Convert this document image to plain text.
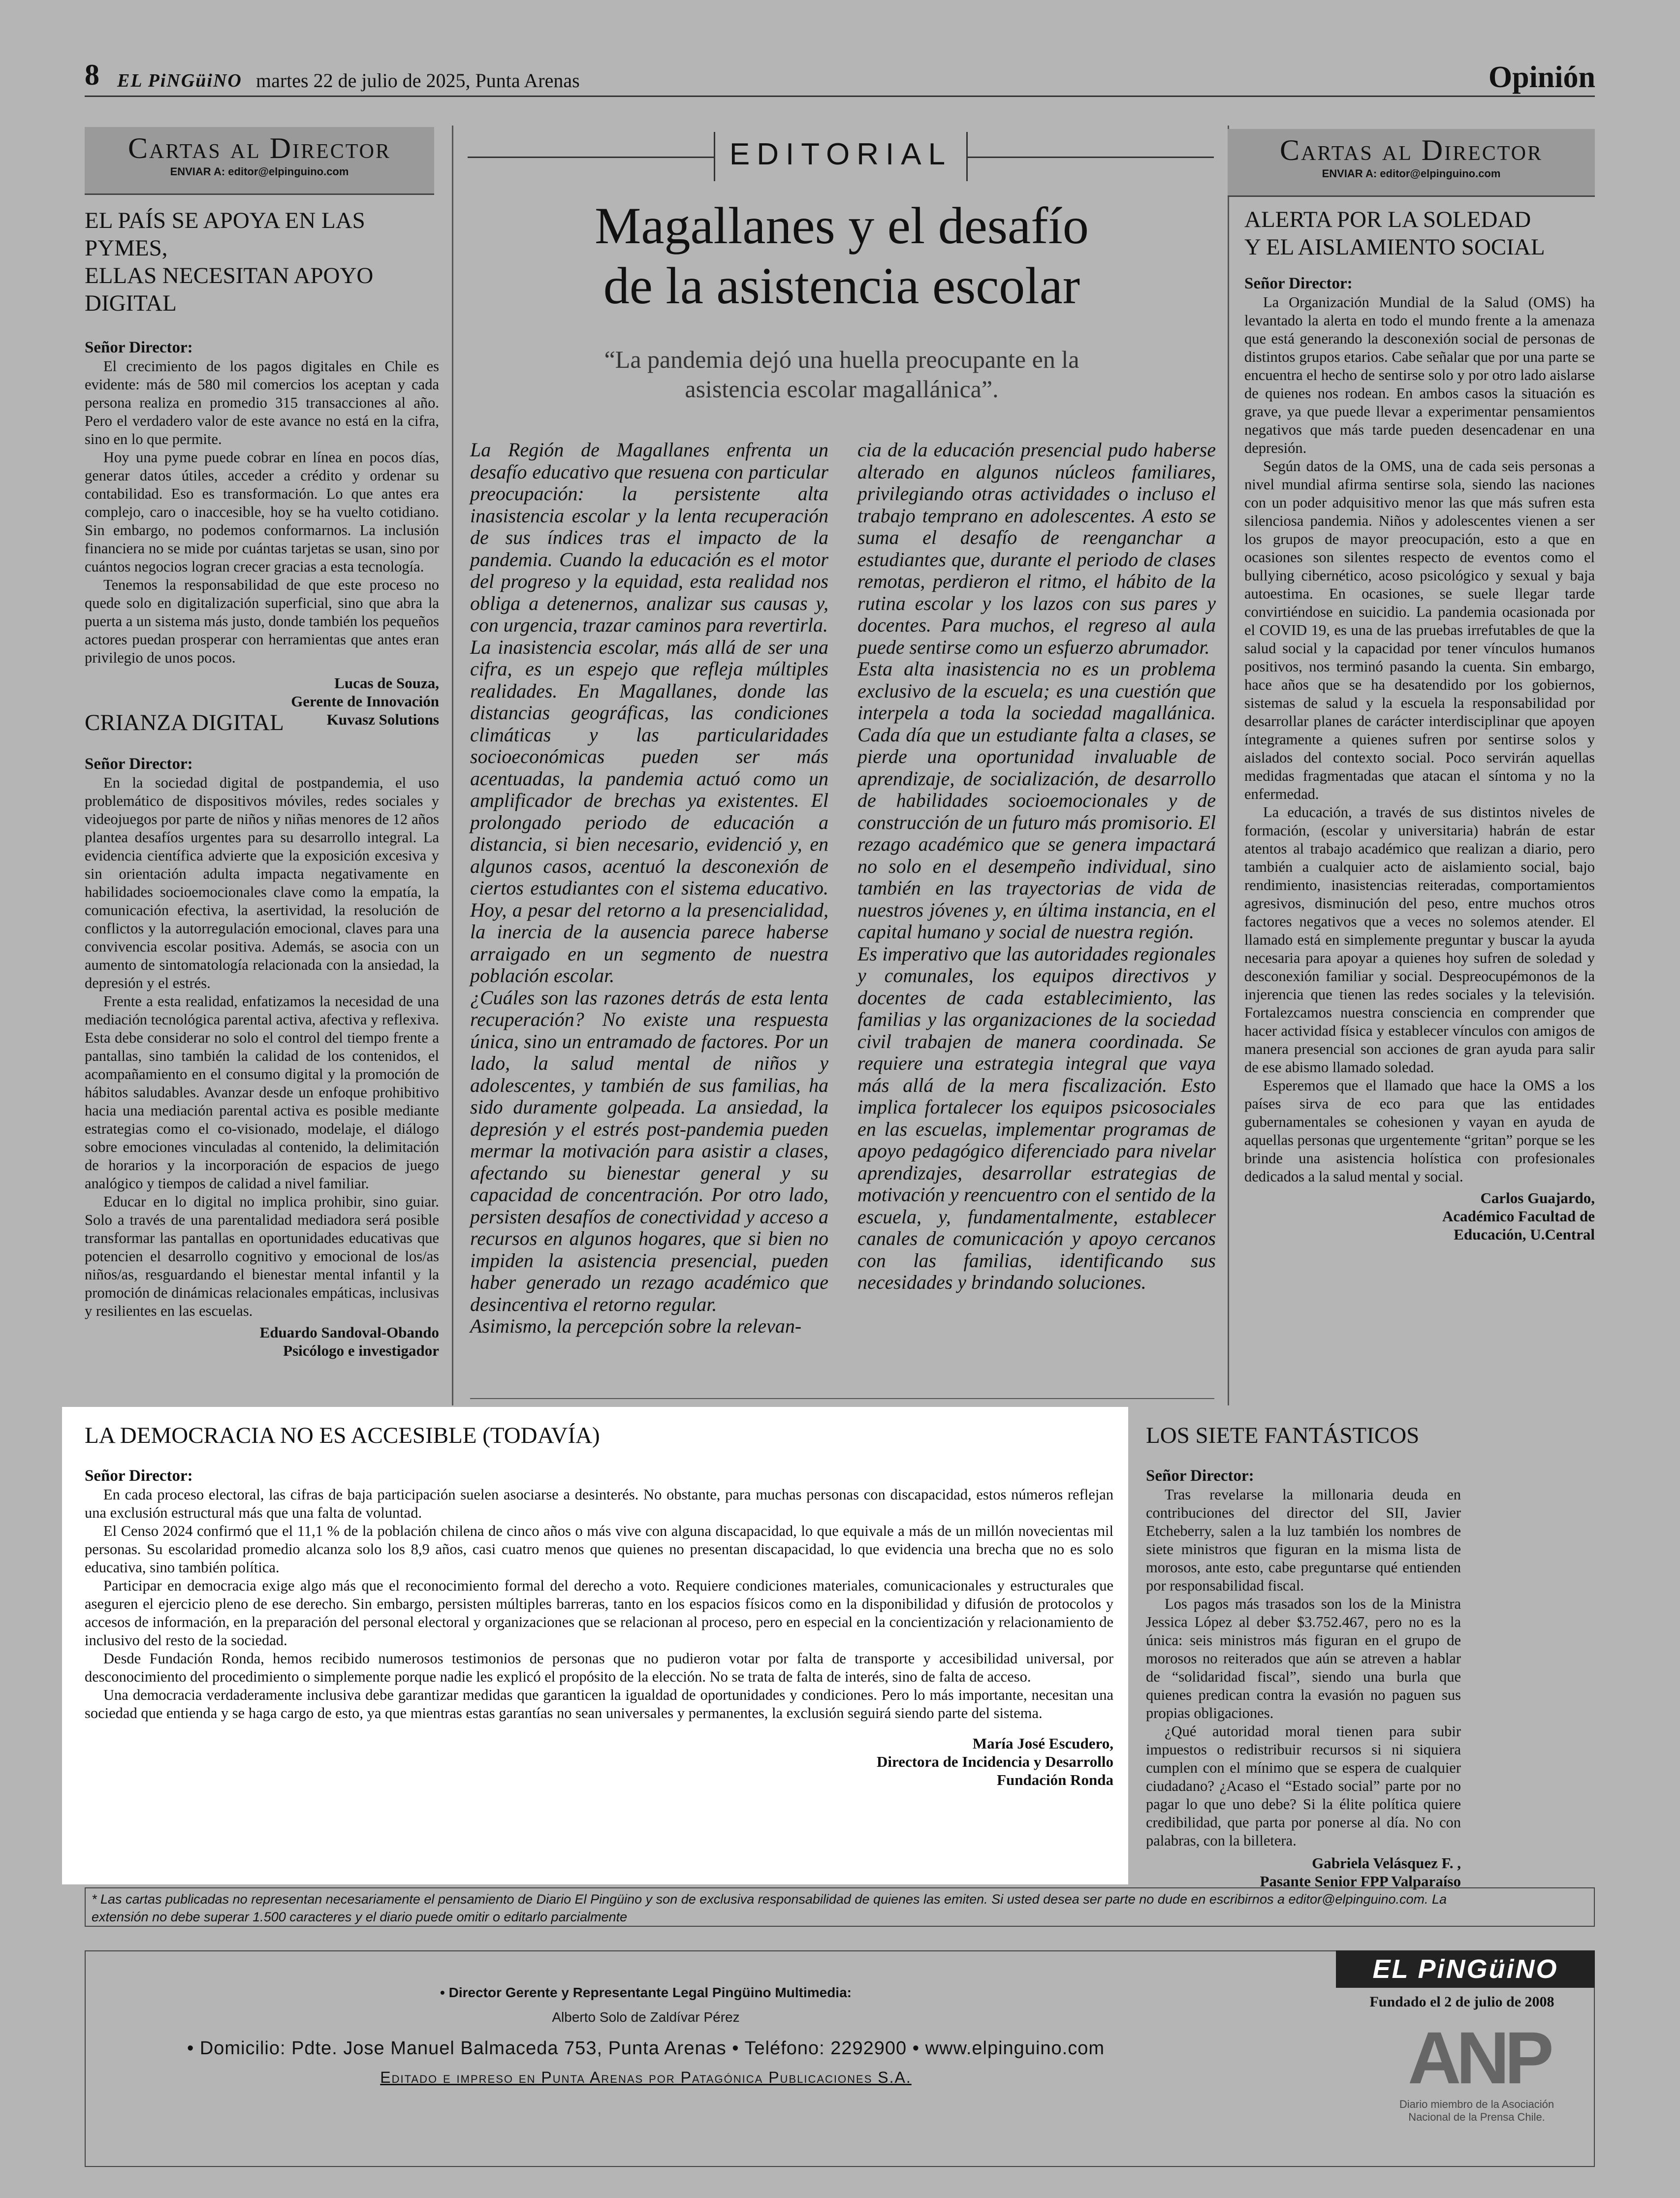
8 EL PiNGüiNO martes 22 de julio de 2025, Punta Arenas	Opinión
Cartas al Director
ENVIAR A: editor@elpinguino.com
EL PAÍS SE APOYA EN LAS PYMES,
ELLAS NECESITAN APOYO DIGITAL
Señor Director:

El crecimiento de los pagos digitales en Chile es evidente: más de 580 mil comercios los aceptan y cada persona realiza en promedio 315 transacciones al año. Pero el verdadero valor de este avance no está en la cifra, sino en lo que permite.

Hoy una pyme puede cobrar en línea en pocos días, generar datos útiles, acceder a crédito y ordenar su contabilidad. Eso es transformación. Lo que antes era complejo, caro o inaccesible, hoy se ha vuelto cotidiano. Sin embargo, no podemos conformarnos. La inclusión financiera no se mide por cuántas tarjetas se usan, sino por cuántos negocios logran crecer gracias a esta tecnología.

Tenemos la responsabilidad de que este proceso no quede solo en digitalización superficial, sino que abra la puerta a un sistema más justo, donde también los pequeños actores puedan prosperar con herramientas que antes eran privilegio de unos pocos.

Lucas de Souza,
Gerente de Innovación
Kuvasz Solutions
CRIANZA DIGITAL
Señor Director:

En la sociedad digital de postpandemia, el uso problemático de dispositivos móviles, redes sociales y videojuegos por parte de niños y niñas menores de 12 años plantea desafíos urgentes para su desarrollo integral. La evidencia científica advierte que la exposición excesiva y sin orientación adulta impacta negativamente en habilidades socioemocionales clave como la empatía, la comunicación efectiva, la asertividad, la resolución de conflictos y la autorregulación emocional, claves para una convivencia escolar positiva. Además, se asocia con un aumento de sintomatología relacionada con la ansiedad, la depresión y el estrés.

Frente a esta realidad, enfatizamos la necesidad de una mediación tecnológica parental activa, afectiva y reflexiva. Esta debe considerar no solo el control del tiempo frente a pantallas, sino también la calidad de los contenidos, el acompañamiento en el consumo digital y la promoción de hábitos saludables. Avanzar desde un enfoque prohibitivo hacia una mediación parental activa es posible mediante estrategias como el co-visionado, modelaje, el diálogo sobre emociones vinculadas al contenido, la delimitación de horarios y la incorporación de espacios de juego analógico y tiempos de calidad a nivel familiar.

Educar en lo digital no implica prohibir, sino guiar. Solo a través de una parentalidad mediadora será posible transformar las pantallas en oportunidades educativas que potencien el desarrollo cognitivo y emocional de los/as niños/as, resguardando el bienestar mental infantil y la promoción de dinámicas relacionales empáticas, inclusivas y resilientes en las escuelas.

Eduardo Sandoval-Obando
Psicólogo e investigador
EDITORIAL
Magallanes y el desafío
de la asistencia escolar
“La pandemia dejó una huella preocupante en la
asistencia escolar magallánica”.

La Región de Magallanes enfrenta un desafío educativo que resuena con particular preocupación: la persistente alta inasistencia escolar y la lenta recuperación de sus índices tras el impacto de la pandemia. Cuando la educación es el motor del progreso y la equidad, esta realidad nos obliga a detenernos, analizar sus causas y, con urgencia, trazar caminos para revertirla.

La inasistencia escolar, más allá de ser una cifra, es un espejo que refleja múltiples realidades. En Magallanes, donde las distancias geográficas, las condiciones climáticas y las particularidades socioeconómicas pueden ser más acentuadas, la pandemia actuó como un amplificador de brechas ya existentes. El prolongado periodo de educación a distancia, si bien necesario, evidenció y, en algunos casos, acentuó la desconexión de ciertos estudiantes con el sistema educativo. Hoy, a pesar del retorno a la presencialidad, la inercia de la ausencia parece haberse arraigado en un segmento de nuestra población escolar.

¿Cuáles son las razones detrás de esta lenta recuperación? No existe una respuesta única, sino un entramado de factores. Por un lado, la salud mental de niños y adolescentes, y también de sus familias, ha sido duramente golpeada. La ansiedad, la depresión y el estrés post-pandemia pueden mermar la motivación para asistir a clases, afectando su bienestar general y su capacidad de concentración. Por otro lado, persisten desafíos de conectividad y acceso a recursos en algunos hogares, que si bien no impiden la asistencia presencial, pueden haber generado un rezago académico que desincentiva el retorno regular.

Asimismo, la percepción sobre la relevan-

cia de la educación presencial pudo haberse alterado en algunos núcleos familiares, privilegiando otras actividades o incluso el trabajo temprano en adolescentes. A esto se suma el desafío de reenganchar a estudiantes que, durante el periodo de clases remotas, perdieron el ritmo, el hábito de la rutina escolar y los lazos con sus pares y docentes. Para muchos, el regreso al aula puede sentirse como un esfuerzo abrumador.

Esta alta inasistencia no es un problema exclusivo de la escuela; es una cuestión que interpela a toda la sociedad magallánica. Cada día que un estudiante falta a clases, se pierde una oportunidad invaluable de aprendizaje, de socialización, de desarrollo de habilidades socioemocionales y de construcción de un futuro más promisorio. El rezago académico que se genera impactará no solo en el desempeño individual, sino también en las trayectorias de vida de nuestros jóvenes y, en última instancia, en el capital humano y social de nuestra región.

Es imperativo que las autoridades regionales y comunales, los equipos directivos y docentes de cada establecimiento, las familias y las organizaciones de la sociedad civil trabajen de manera coordinada. Se requiere una estrategia integral que vaya más allá de la mera fiscalización. Esto implica fortalecer los equipos psicosociales en las escuelas, implementar programas de apoyo pedagógico diferenciado para nivelar aprendizajes, desarrollar estrategias de motivación y reencuentro con el sentido de la escuela, y, fundamentalmente, establecer canales de comunicación y apoyo cercanos con las familias, identificando sus necesidades y brindando soluciones.

Cartas al Director
ENVIAR A: editor@elpinguino.com
ALERTA POR LA SOLEDAD
Y EL AISLAMIENTO SOCIAL
Señor Director:

La Organización Mundial de la Salud (OMS) ha levantado la alerta en todo el mundo frente a la amenaza que está generando la desconexión social de personas de distintos grupos etarios. Cabe señalar que por una parte se encuentra el hecho de sentirse solo y por otro lado aislarse de quienes nos rodean. En ambos casos la situación es grave, ya que puede llevar a experimentar pensamientos negativos que más tarde pueden desencadenar en una depresión.

Según datos de la OMS, una de cada seis personas a nivel mundial afirma sentirse sola, siendo las naciones con un poder adquisitivo menor las que más sufren esta silenciosa pandemia. Niños y adolescentes vienen a ser los grupos de mayor preocupación, esto a que en ocasiones son silentes respecto de eventos como el bullying cibernético, acoso psicológico y sexual y baja autoestima. En ocasiones, se suele llegar tarde convirtiéndose en suicidio. La pandemia ocasionada por el COVID 19, es una de las pruebas irrefutables de que la salud social y la capacidad por tener vínculos humanos positivos, nos terminó pasando la cuenta. Sin embargo, hace años que se ha desatendido por los gobiernos, sistemas de salud y la escuela la responsabilidad por desarrollar planes de carácter interdisciplinar que apoyen íntegramente a quienes sufren por sentirse solos y aislados del contexto social. Poco servirán aquellas medidas fragmentadas que atacan el síntoma y no la enfermedad.

La educación, a través de sus distintos niveles de formación, (escolar y universitaria) habrán de estar atentos al trabajo académico que realizan a diario, pero también a cualquier acto de aislamiento social, bajo rendimiento, inasistencias reiteradas, comportamientos agresivos, disminución del peso, entre muchos otros factores negativos que a veces no solemos atender. El llamado está en simplemente preguntar y buscar la ayuda necesaria para apoyar a quienes hoy sufren de soledad y desconexión familiar y social. Despreocupémonos de la injerencia que tienen las redes sociales y la televisión. Fortalezcamos nuestra consciencia en comprender que hacer actividad física y establecer vínculos con amigos de manera presencial son acciones de gran ayuda para salir de ese abismo llamado soledad.

Esperemos que el llamado que hace la OMS a los países sirva de eco para que las entidades gubernamentales se cohesionen y vayan en ayuda de aquellas personas que urgentemente “gritan” porque se les brinde una asistencia holística con profesionales dedicados a la salud mental y social.

Carlos Guajardo,
Académico Facultad de
Educación, U.Central
LA DEMOCRACIA NO ES ACCESIBLE (TODAVÍA)
Señor Director:

En cada proceso electoral, las cifras de baja participación suelen asociarse a desinterés. No obstante, para muchas personas con discapacidad, estos números reflejan una exclusión estructural más que una falta de voluntad.

El Censo 2024 confirmó que el 11,1 % de la población chilena de cinco años o más vive con alguna discapacidad, lo que equivale a más de un millón novecientas mil personas. Su escolaridad promedio alcanza solo los 8,9 años, casi cuatro menos que quienes no presentan discapacidad, lo que evidencia una brecha que no es solo educativa, sino también política.

Participar en democracia exige algo más que el reconocimiento formal del derecho a voto. Requiere condiciones materiales, comunicacionales y estructurales que aseguren el ejercicio pleno de ese derecho. Sin embargo, persisten múltiples barreras, tanto en los espacios físicos como en la disponibilidad y difusión de protocolos y accesos de información, en la preparación del personal electoral y organizaciones que se relacionan al proceso, pero en especial en la concientización y relacionamiento de inclusivo del resto de la sociedad.

Desde Fundación Ronda, hemos recibido numerosos testimonios de personas que no pudieron votar por falta de transporte y accesibilidad universal, por desconocimiento del procedimiento o simplemente porque nadie les explicó el propósito de la elección. No se trata de falta de interés, sino de falta de acceso.

Una democracia verdaderamente inclusiva debe garantizar medidas que garanticen la igualdad de oportunidades y condiciones. Pero lo más importante, necesitan una sociedad que entienda y se haga cargo de esto, ya que mientras estas garantías no sean universales y permanentes, la exclusión seguirá siendo parte del sistema.

María José Escudero,
Directora de Incidencia y Desarrollo
Fundación Ronda
LOS SIETE FANTÁSTICOS
Señor Director:

Tras revelarse la millonaria deuda en contribuciones del director del SII, Javier Etcheberry, salen a la luz también los nombres de siete ministros que figuran en la misma lista de morosos, ante esto, cabe preguntarse qué entienden por responsabilidad fiscal.

Los pagos más trasados son los de la Ministra Jessica López al deber $3.752.467, pero no es la única: seis ministros más figuran en el grupo de morosos no reiterados que aún se atreven a hablar de “solidaridad fiscal”, siendo una burla que quienes predican contra la evasión no paguen sus propias obligaciones.

¿Qué autoridad moral tienen para subir impuestos o redistribuir recursos si ni siquiera cumplen con el mínimo que se espera de cualquier ciudadano? ¿Acaso el “Estado social” parte por no pagar lo que uno debe? Si la élite política quiere credibilidad, que parta por ponerse al día. No con palabras, con la billetera.

Gabriela Velásquez F. ,
Pasante Senior FPP Valparaíso
* Las cartas publicadas no representan necesariamente el pensamiento de Diario El Pingüino y son de exclusiva responsabilidad de quienes las emiten. Si usted desea ser parte no dude en escribirnos a editor@elpinguino.com. La
extensión no debe superar 1.500 caracteres y el diario puede omitir o editarlo parcialmente
• Director Gerente y Representante Legal Pingüino Multimedia:
Alberto Solo de Zaldívar Pérez
• Domicilio: Pdte. Jose Manuel Balmaceda 753, Punta Arenas • Teléfono: 2292900 • www.elpinguino.com
Editado e impreso en Punta Arenas por Patagónica Publicaciones S.A.
EL PiNGüiNO
Fundado el 2 de julio de 2008
ANP
Diario miembro de la Asociación
Nacional de la Prensa Chile.
